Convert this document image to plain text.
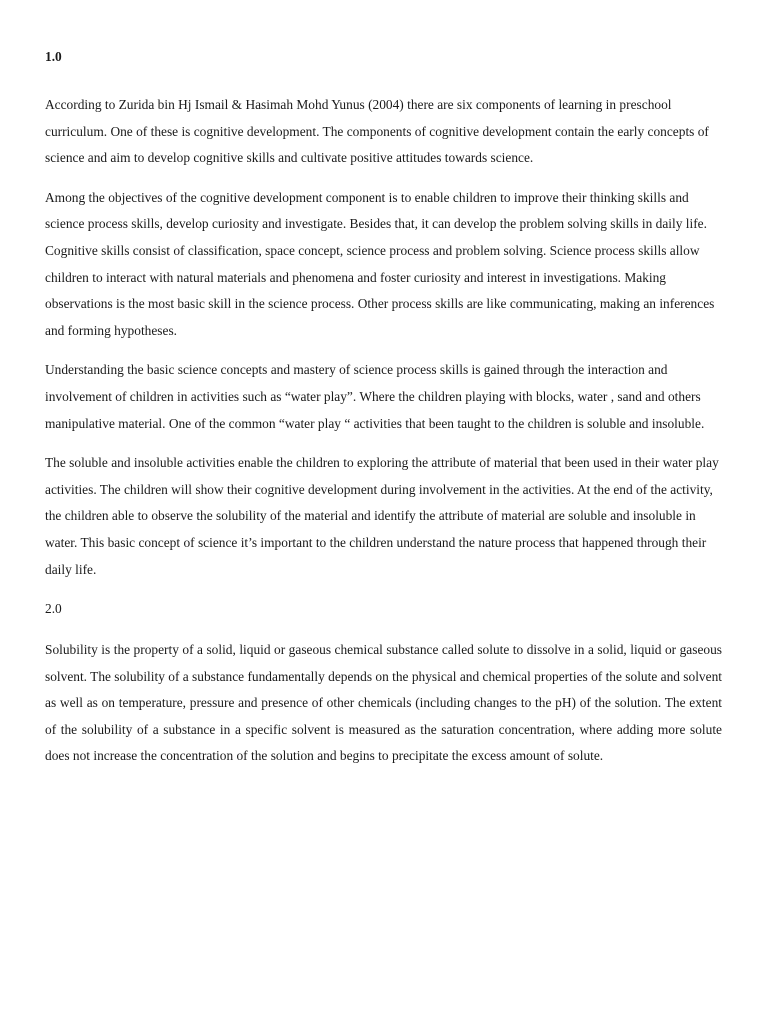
1.0

According to Zurida bin Hj Ismail & Hasimah Mohd Yunus (2004) there are six components of learning in preschool curriculum. One of these is cognitive development. The components of cognitive development contain the early concepts of science and aim to develop cognitive skills and cultivate positive attitudes towards science.

Among the objectives of the cognitive development component is to enable children to improve their thinking skills and science process skills, develop curiosity and investigate. Besides that, it can develop the problem solving skills in daily life. Cognitive skills consist of classification, space concept, science process and problem solving. Science process skills allow children to interact with natural materials and phenomena and foster curiosity and interest in investigations. Making observations is the most basic skill in the science process. Other process skills are like communicating, making an inferences and forming hypotheses.

Understanding the basic science concepts and mastery of science process skills is gained through the interaction and involvement of children in activities such as “water play”. Where the children playing with blocks, water , sand and others manipulative material. One of the common “water play “ activities that been taught to the children is soluble and insoluble.

The soluble and insoluble activities enable the children to exploring the attribute of material that been used in their water play activities. The children will show their cognitive development during involvement in the activities. At the end of the activity, the children able to observe the solubility of the material and identify the attribute of material are soluble and insoluble in water. This basic concept of science it’s important to the children understand the nature process that happened through their daily life.

2.0

Solubility is the property of a solid, liquid or gaseous chemical substance called solute to dissolve in a solid, liquid or gaseous solvent. The solubility of a substance fundamentally depends on the physical and chemical properties of the solute and solvent as well as on temperature, pressure and presence of other chemicals (including changes to the pH) of the solution. The extent of the solubility of a substance in a specific solvent is measured as the saturation concentration, where adding more solute does not increase the concentration of the solution and begins to precipitate the excess amount of solute.
